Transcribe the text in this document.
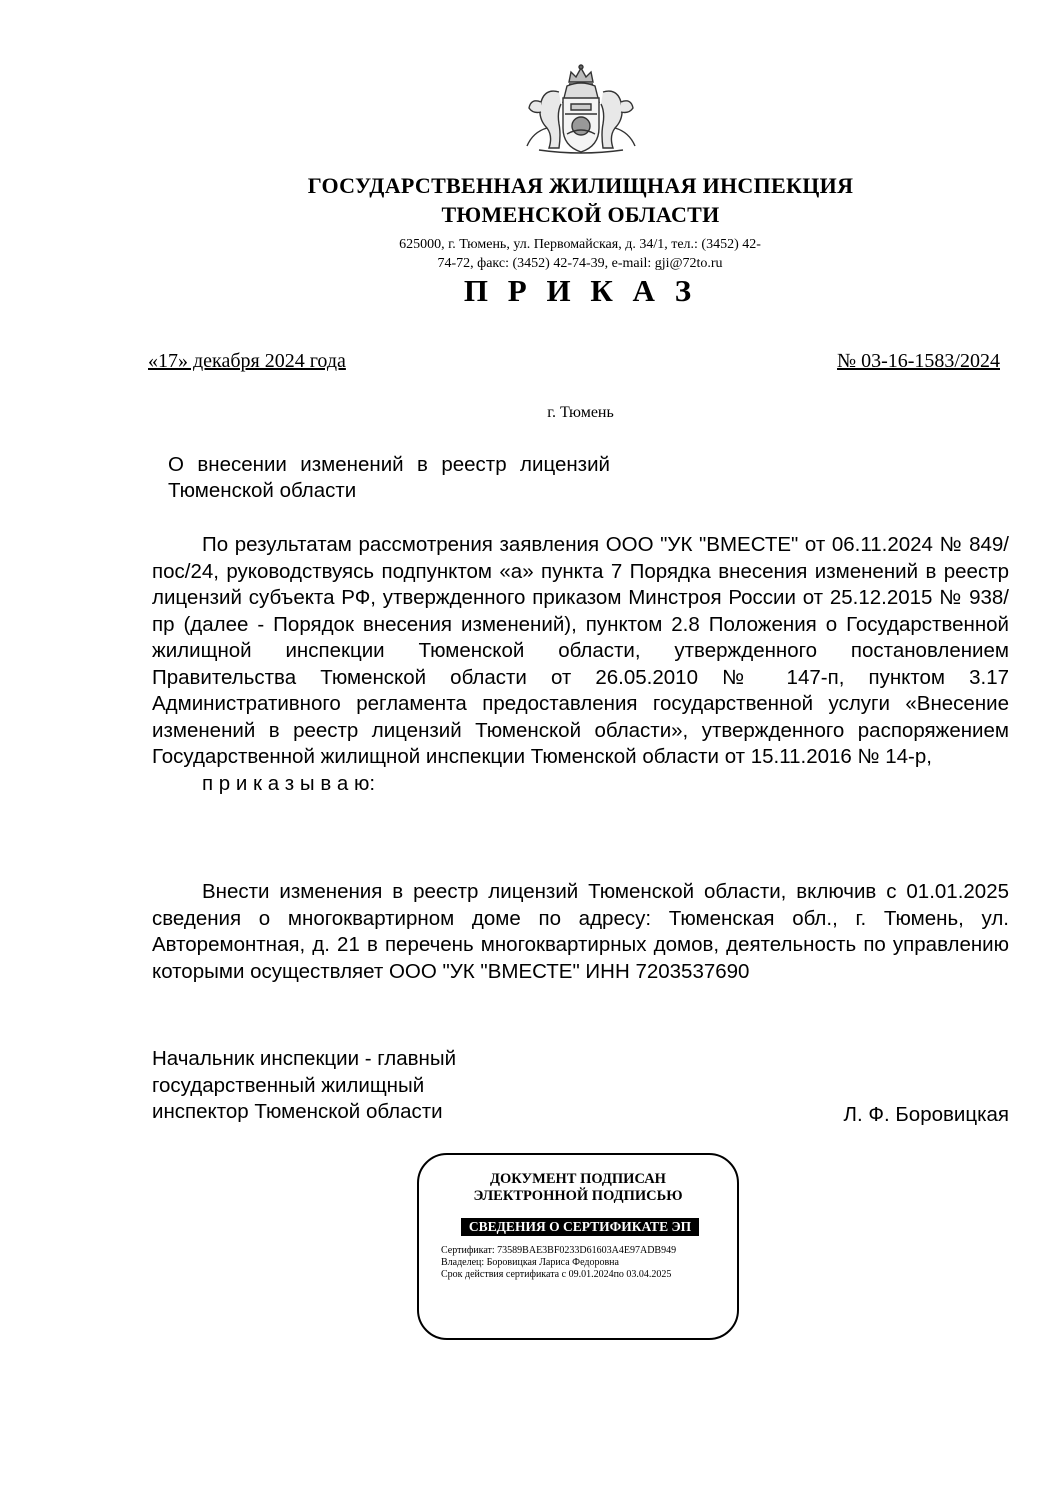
ГОСУДАРСТВЕННАЯ ЖИЛИЩНАЯ ИНСПЕКЦИЯ
ТЮМЕНСКОЙ ОБЛАСТИ
625000, г. Тюмень, ул. Первомайская, д. 34/1, тел.: (3452) 42-
74-72, факс: (3452) 42-74-39, e-mail: gji@72to.ru
П Р И К А З
«17» декабря 2024 года	№ 03-16-1583/2024
г. Тюмень
О внесении изменений в реестр лицензий Тюменской области

По результатам рассмотрения заявления ООО "УК "ВМЕСТЕ" от 06.11.2024 № 849/пос/24, руководствуясь подпунктом «а» пункта 7 Порядка внесения изменений в реестр лицензий субъекта РФ, утвержденного приказом Минстроя России от 25.12.2015 № 938/пр (далее - Порядок внесения изменений), пунктом 2.8 Положения о Государственной жилищной инспекции Тюменской области, утвержденного постановлением Правительства Тюменской области от 26.05.2010 № 147-п, пунктом 3.17 Административного регламента предоставления государственной услуги «Внесение изменений в реестр лицензий Тюменской области», утвержденного распоряжением Государственной жилищной инспекции Тюменской области от 15.11.2016 № 14-р,

п р и к а з ы в а ю:

Внести изменения в реестр лицензий Тюменской области, включив с 01.01.2025 сведения о многоквартирном доме по адресу: Тюменская обл., г. Тюмень, ул. Авторемонтная, д. 21 в перечень многоквартирных домов, деятельность по управлению которыми осуществляет ООО "УК "ВМЕСТЕ" ИНН 7203537690

Начальник инспекции - главный
государственный жилищный
инспектор Тюменской области	Л. Ф. Боровицкая
ДОКУМЕНТ ПОДПИСАН
ЭЛЕКТРОННОЙ ПОДПИСЬЮ
СВЕДЕНИЯ О СЕРТИФИКАТЕ ЭП
Сертификат: 73589BAE3BF0233D61603A4E97ADB949
Владелец: Боровицкая Лариса Федоровна
Срок действия сертификата с 09.01.2024по 03.04.2025
